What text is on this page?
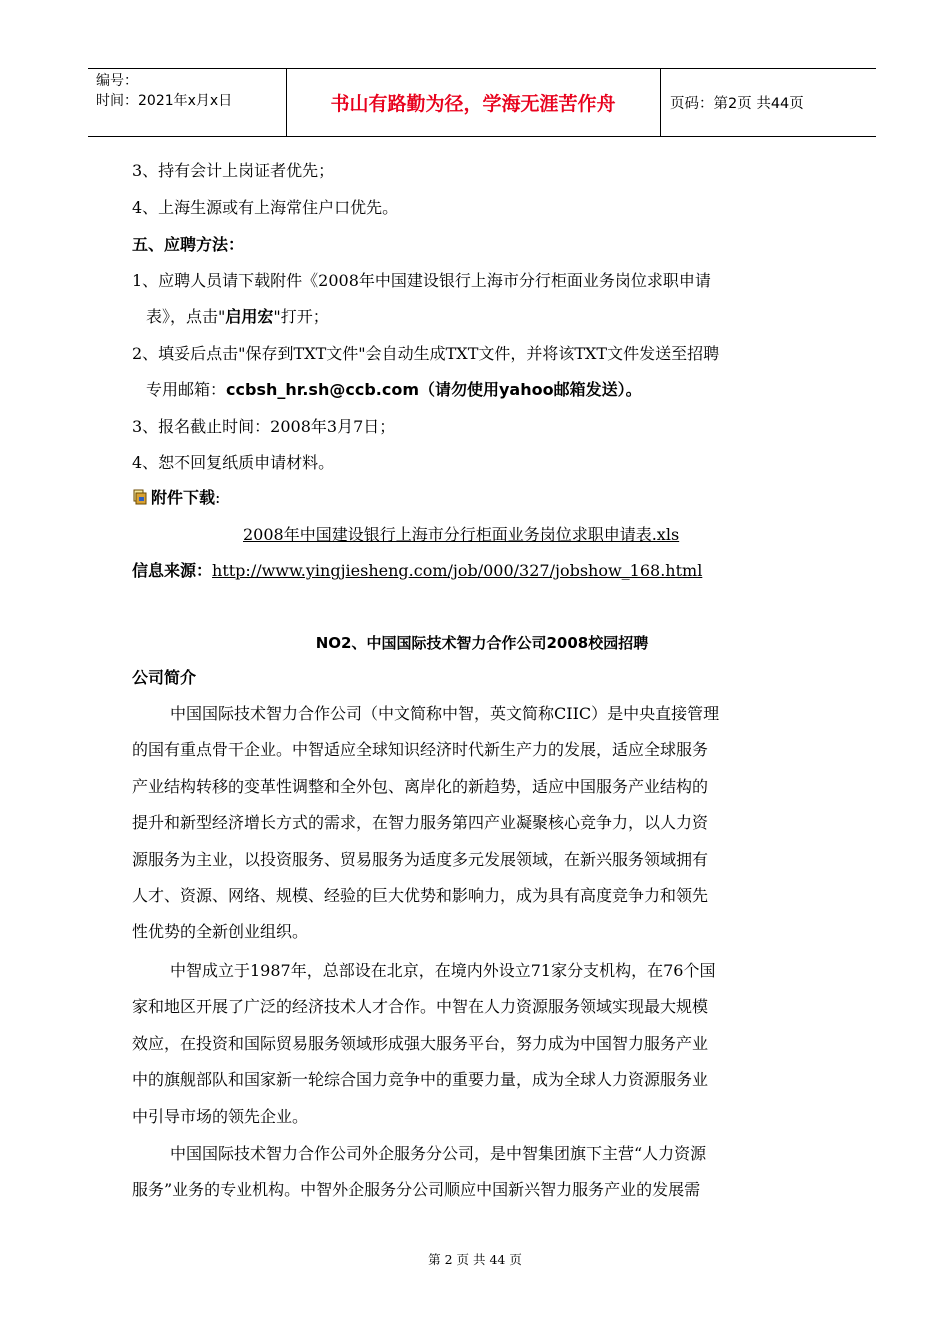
编号：
时间：2021年x月x日	书山有路勤为径，学海无涯苦作舟	页码：第2页 共44页
3、持有会计上岗证者优先；
4、上海生源或有上海常住户口优先。
五、应聘方法：
1、应聘人员请下载附件《2008年中国建设银行上海市分行柜面业务岗位求职申请
表》，点击"启用宏"打开；
2、填妥后点击"保存到TXT文件"会自动生成TXT文件，并将该TXT文件发送至招聘
专用邮箱：ccbsh_hr.sh@ccb.com（请勿使用yahoo邮箱发送）。
3、报名截止时间：2008年3月7日；
4、恕不回复纸质申请材料。
附件下载:
2008年中国建设银行上海市分行柜面业务岗位求职申请表.xls
信息来源：http://www.yingjiesheng.com/job/000/327/jobshow_168.html
NO2、中国国际技术智力合作公司2008校园招聘
公司简介
中国国际技术智力合作公司（中文简称中智，英文简称CIIC）是中央直接管理
的国有重点骨干企业。中智适应全球知识经济时代新生产力的发展，适应全球服务
产业结构转移的变革性调整和全外包、离岸化的新趋势，适应中国服务产业结构的
提升和新型经济增长方式的需求，在智力服务第四产业凝聚核心竞争力，以人力资
源服务为主业，以投资服务、贸易服务为适度多元发展领域，在新兴服务领域拥有
人才、资源、网络、规模、经验的巨大优势和影响力，成为具有高度竞争力和领先
性优势的全新创业组织。
中智成立于1987年，总部设在北京，在境内外设立71家分支机构，在76个国
家和地区开展了广泛的经济技术人才合作。中智在人力资源服务领域实现最大规模
效应，在投资和国际贸易服务领域形成强大服务平台，努力成为中国智力服务产业
中的旗舰部队和国家新一轮综合国力竞争中的重要力量，成为全球人力资源服务业
中引导市场的领先企业。
中国国际技术智力合作公司外企服务分公司，是中智集团旗下主营“人力资源
服务”业务的专业机构。中智外企服务分公司顺应中国新兴智力服务产业的发展需
第 2 页 共 44 页
